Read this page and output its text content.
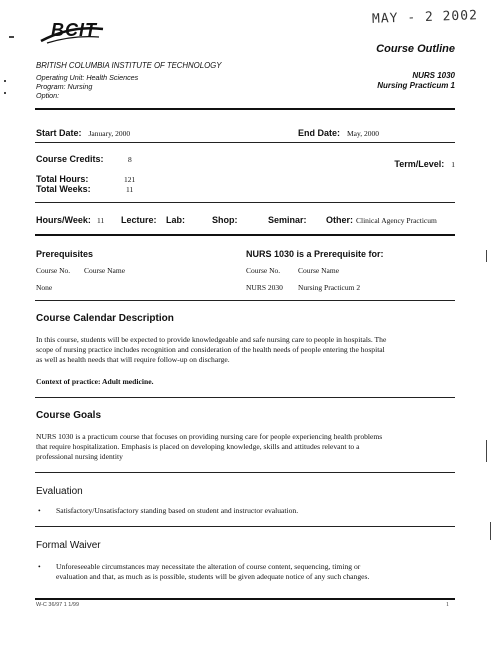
BCIT
MAY - 2 2002
BRITISH COLUMBIA INSTITUTE OF TECHNOLOGY
Course Outline
Operating Unit: Health Sciences
Program: Nursing
Option:
NURS 1030
Nursing Practicum 1
Start Date: January, 2000	End Date: May, 2000
Course Credits:	8	Term/Level: 1
Total Hours:	121
Total Weeks:	11
Hours/Week: 11 Lecture: Lab:	Shop:	Seminar: Other: Clinical Agency Practicum
Prerequisites
Course No. Course Name
None
NURS 1030 is a Prerequisite for:
Course No. Course Name
NURS 2030 Nursing Practicum 2
Course Calendar Description
In this course, students will be expected to provide knowledgeable and safe nursing care to people in hospitals. The
scope of nursing practice includes recognition and consideration of the health needs of people entering the hospital
as well as health needs that will require follow-up on discharge.
Context of practice: Adult medicine.
Course Goals
NURS 1030 is a practicum course that focuses on providing nursing care for people experiencing health problems
that require hospitalization. Emphasis is placed on developing knowledge, skills and attitudes relevant to a
professional nursing identity
Evaluation
• Satisfactory/Unsatisfactory standing based on student and instructor evaluation.
Formal Waiver
• Unforeseeable circumstances may necessitate the alteration of course content, sequencing, timing or
evaluation and that, as much as is possible, students will be given adequate notice of any such changes.
W-C 36/97 1 1/99	1
